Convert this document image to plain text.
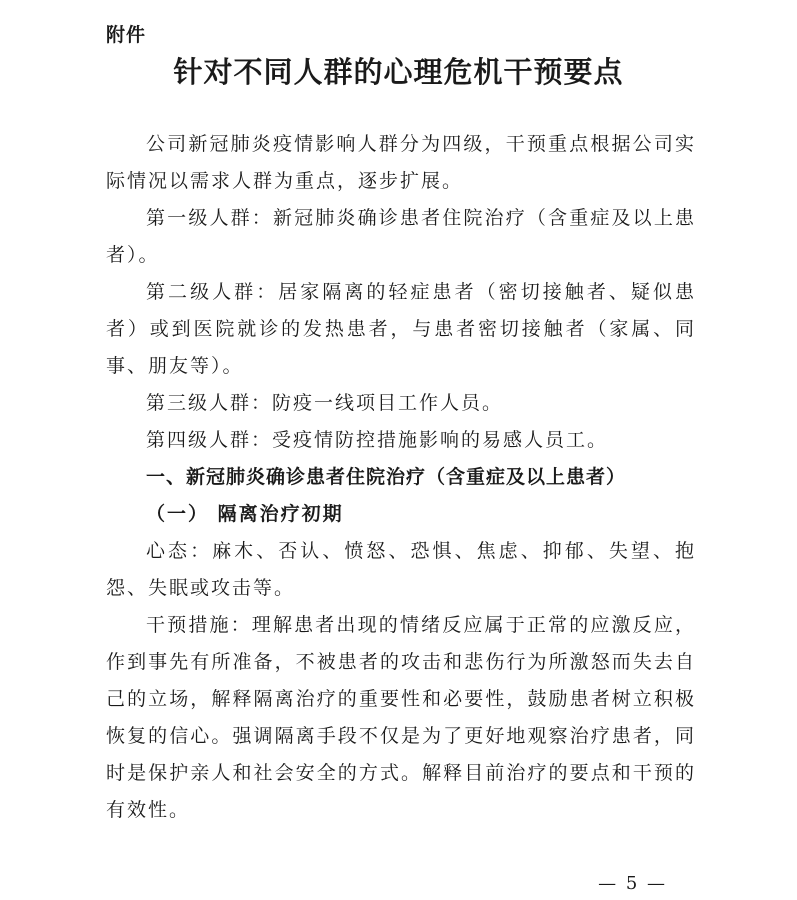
附件
针对不同人群的心理危机干预要点

公司新冠肺炎疫情影响人群分为四级，干预重点根据公司实际情况以需求人群为重点，逐步扩展。

第一级人群：新冠肺炎确诊患者住院治疗（含重症及以上患者）。

第二级人群：居家隔离的轻症患者（密切接触者、疑似患者）或到医院就诊的发热患者，与患者密切接触者（家属、同事、朋友等）。

第三级人群：防疫一线项目工作人员。

第四级人群：受疫情防控措施影响的易感人员工。

一、新冠肺炎确诊患者住院治疗（含重症及以上患者）

（一） 隔离治疗初期

心态：麻木、否认、愤怒、恐惧、焦虑、抑郁、失望、抱怨、失眠或攻击等。

干预措施：理解患者出现的情绪反应属于正常的应激反应，作到事先有所准备，不被患者的攻击和悲伤行为所激怒而失去自己的立场，解释隔离治疗的重要性和必要性，鼓励患者树立积极恢复的信心。强调隔离手段不仅是为了更好地观察治疗患者，同时是保护亲人和社会安全的方式。解释目前治疗的要点和干预的有效性。

— 5 —
